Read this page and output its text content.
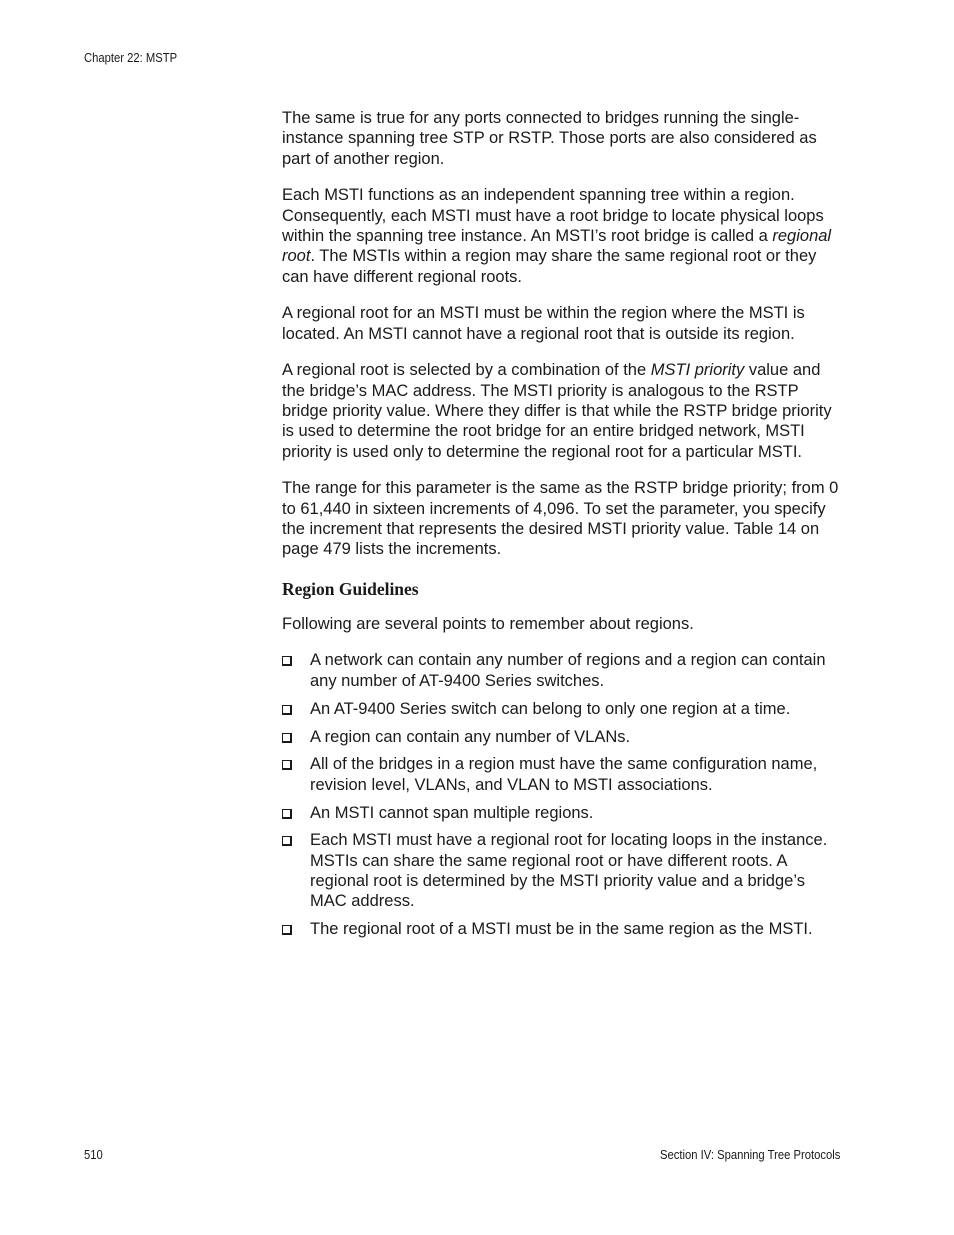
Chapter 22: MSTP

The same is true for any ports connected to bridges running the single-instance spanning tree STP or RSTP. Those ports are also considered as part of another region.

Each MSTI functions as an independent spanning tree within a region. Consequently, each MSTI must have a root bridge to locate physical loops within the spanning tree instance. An MSTI’s root bridge is called a regional root. The MSTIs within a region may share the same regional root or they can have different regional roots.

A regional root for an MSTI must be within the region where the MSTI is located. An MSTI cannot have a regional root that is outside its region.

A regional root is selected by a combination of the MSTI priority value and the bridge’s MAC address. The MSTI priority is analogous to the RSTP bridge priority value. Where they differ is that while the RSTP bridge priority is used to determine the root bridge for an entire bridged network, MSTI priority is used only to determine the regional root for a particular MSTI.

The range for this parameter is the same as the RSTP bridge priority; from 0 to 61,440 in sixteen increments of 4,096. To set the parameter, you specify the increment that represents the desired MSTI priority value. Table 14 on page 479 lists the increments.

Region Guidelines

Following are several points to remember about regions.

A network can contain any number of regions and a region can contain any number of AT-9400 Series switches.
An AT-9400 Series switch can belong to only one region at a time.
A region can contain any number of VLANs.
All of the bridges in a region must have the same configuration name, revision level, VLANs, and VLAN to MSTI associations.
An MSTI cannot span multiple regions.
Each MSTI must have a regional root for locating loops in the instance. MSTIs can share the same regional root or have different roots. A regional root is determined by the MSTI priority value and a bridge’s MAC address.
The regional root of a MSTI must be in the same region as the MSTI.
510	Section IV: Spanning Tree Protocols
